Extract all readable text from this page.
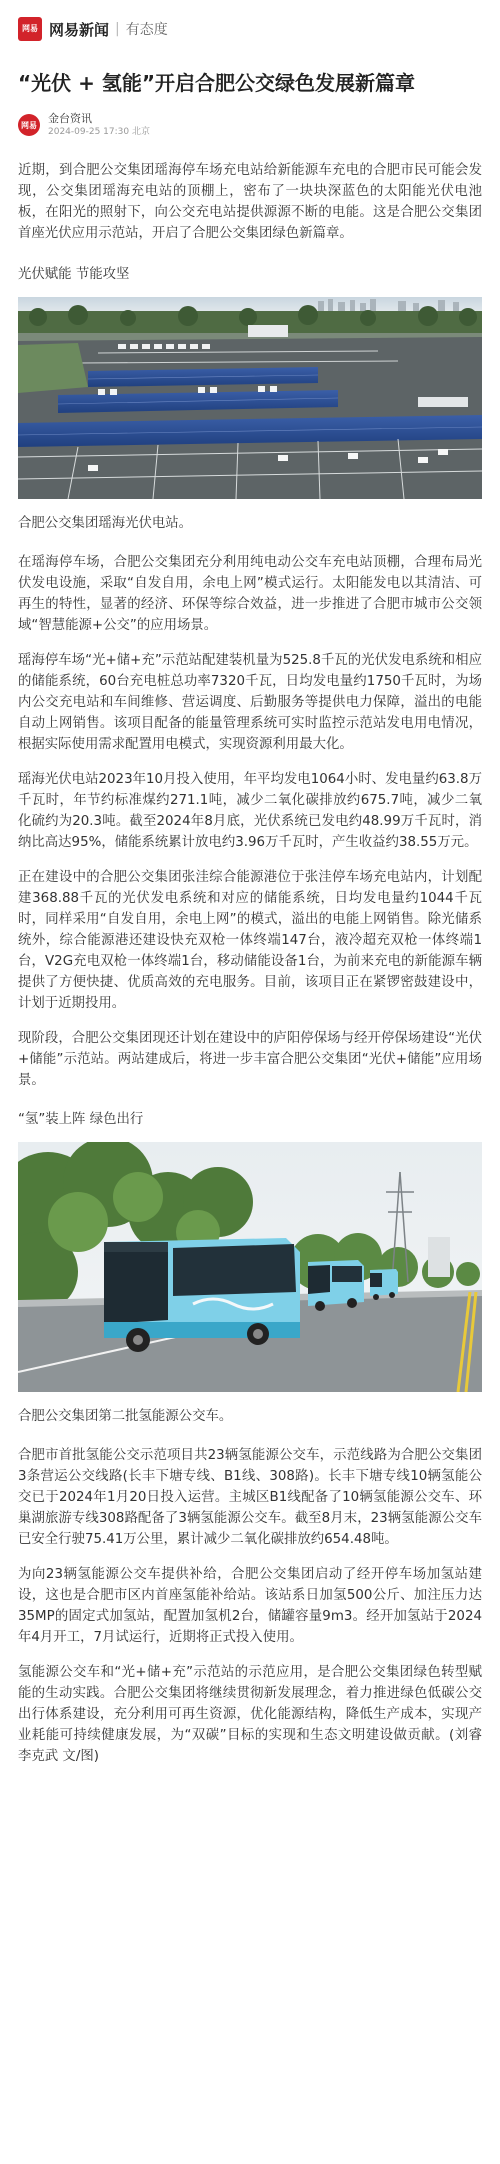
网易 网易新闻 | 有态度
“光伏 + 氢能”开启合肥公交绿色发展新篇章
网易 金台资讯
2024-09-25 17:30 北京
近期，到合肥公交集团瑶海停车场充电站给新能源车充电的合肥市民可能会发现，公交集团瑶海充电站的顶棚上，密布了一块块深蓝色的太阳能光伏电池板，在阳光的照射下，向公交充电站提供源源不断的电能。这是合肥公交集团首座光伏应用示范站，开启了合肥公交集团绿色新篇章。
光伏赋能 节能攻坚
合肥公交集团瑶海光伏电站。
在瑶海停车场，合肥公交集团充分利用纯电动公交车充电站顶棚，合理布局光伏发电设施，采取“自发自用，余电上网”模式运行。太阳能发电以其清洁、可再生的特性，显著的经济、环保等综合效益，进一步推进了合肥市城市公交领域“智慧能源+公交”的应用场景。
瑶海停车场“光+储+充”示范站配建装机量为525.8千瓦的光伏发电系统和相应的储能系统，60台充电桩总功率7320千瓦，日均发电量约1750千瓦时，为场内公交充电站和车间维修、营运调度、后勤服务等提供电力保障，溢出的电能自动上网销售。该项目配备的能量管理系统可实时监控示范站发电用电情况，根据实际使用需求配置用电模式，实现资源利用最大化。
瑶海光伏电站2023年10月投入使用，年平均发电1064小时、发电量约63.8万千瓦时，年节约标准煤约271.1吨，减少二氧化碳排放约675.7吨，减少二氧化硫约为20.3吨。截至2024年8月底，光伏系统已发电约48.99万千瓦时，消纳比高达95%，储能系统累计放电约3.96万千瓦时，产生收益约38.55万元。
正在建设中的合肥公交集团张洼综合能源港位于张洼停车场充电站内，计划配建368.88千瓦的光伏发电系统和对应的储能系统，日均发电量约1044千瓦时，同样采用“自发自用，余电上网”的模式，溢出的电能上网销售。除光储系统外，综合能源港还建设快充双枪一体终端147台，液冷超充双枪一体终端1台，V2G充电双枪一体终端1台，移动储能设备1台，为前来充电的新能源车辆提供了方便快捷、优质高效的充电服务。目前，该项目正在紧锣密鼓建设中，计划于近期投用。
现阶段，合肥公交集团现还计划在建设中的庐阳停保场与经开停保场建设“光伏+储能”示范站。两站建成后，将进一步丰富合肥公交集团“光伏+储能”应用场景。
“氢”装上阵 绿色出行
合肥公交集团第二批氢能源公交车。
合肥市首批氢能公交示范项目共23辆氢能源公交车，示范线路为合肥公交集团3条营运公交线路(长丰下塘专线、B1线、308路)。长丰下塘专线10辆氢能公交已于2024年1月20日投入运营。主城区B1线配备了10辆氢能源公交车、环巢湖旅游专线308路配备了3辆氢能源公交车。截至8月末，23辆氢能源公交车已安全行驶75.41万公里，累计减少二氧化碳排放约654.48吨。
为向23辆氢能源公交车提供补给，合肥公交集团启动了经开停车场加氢站建设，这也是合肥市区内首座氢能补给站。该站系日加氢500公斤、加注压力达35MP的固定式加氢站，配置加氢机2台，储罐容量9m3。经开加氢站于2024年4月开工，7月试运行，近期将正式投入使用。
氢能源公交车和“光+储+充”示范站的示范应用，是合肥公交集团绿色转型赋能的生动实践。合肥公交集团将继续贯彻新发展理念，着力推进绿色低碳公交出行体系建设，充分利用可再生资源，优化能源结构，降低生产成本，实现产业耗能可持续健康发展，为“双碳”目标的实现和生态文明建设做贡献。(刘睿 李克武 文/图)
